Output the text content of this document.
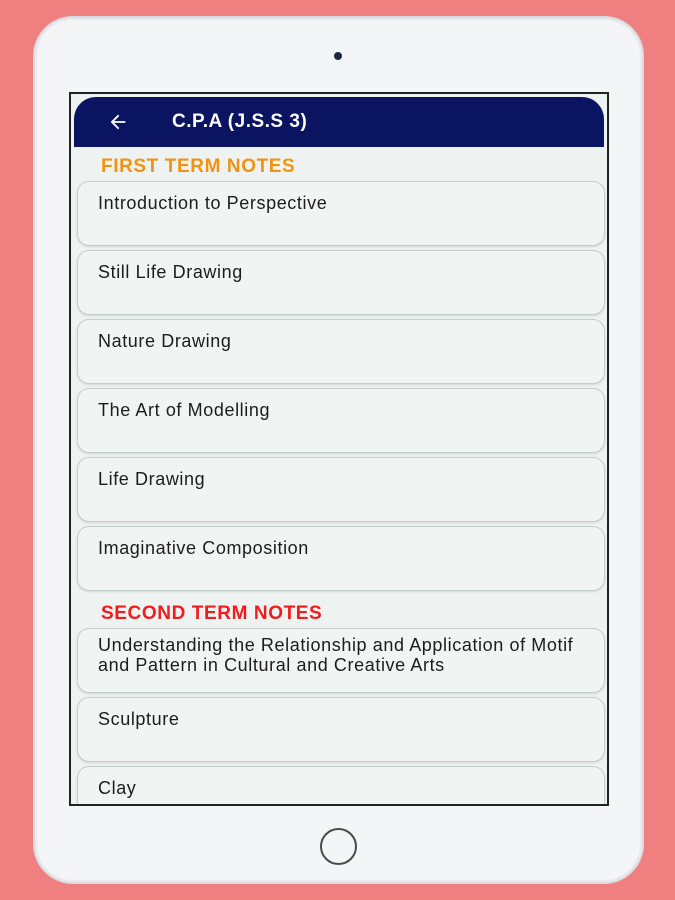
C.P.A (J.S.S 3)
FIRST TERM NOTES
Introduction to Perspective
Still Life Drawing
Nature Drawing
The Art of Modelling
Life Drawing
Imaginative Composition
SECOND TERM NOTES
Understanding the Relationship and Application of Motif and Pattern in Cultural and Creative Arts
Sculpture
Clay
